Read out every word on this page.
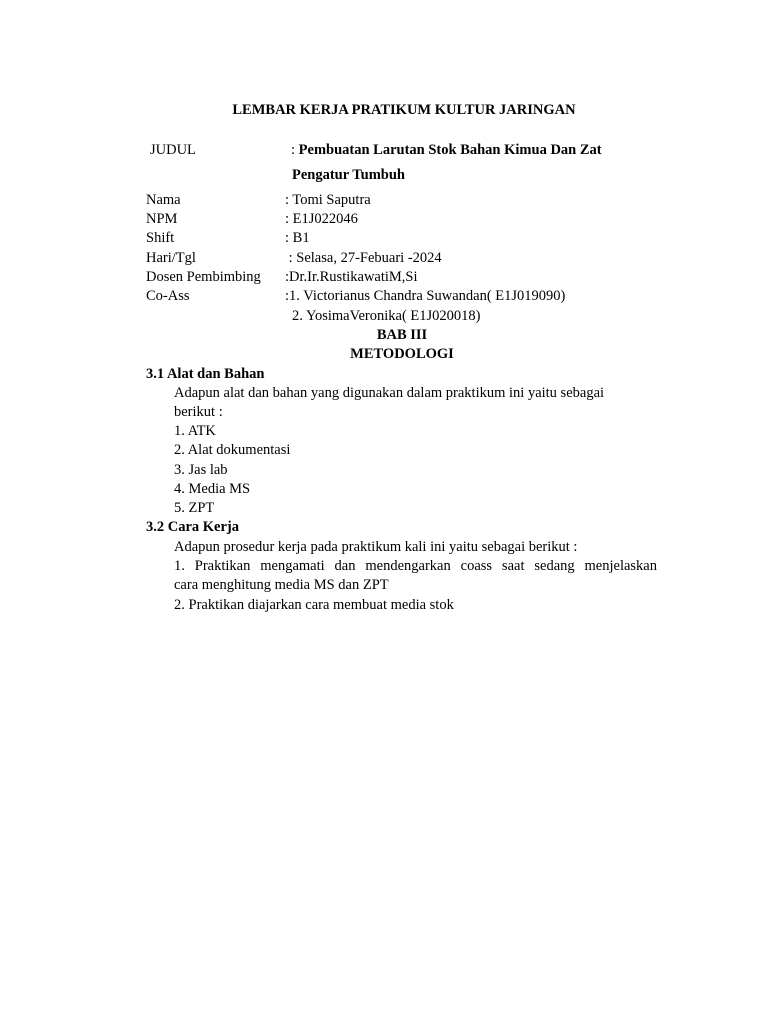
LEMBAR KERJA PRATIKUM KULTUR JARINGAN
JUDUL	: Pembuatan Larutan Stok Bahan Kimua Dan Zat
Pengatur Tumbuh
Nama	: Tomi Saputra
NPM	: E1J022046
Shift	: B1
Hari/Tgl	: Selasa, 27-Febuari -2024
Dosen Pembimbing :Dr.Ir.RustikawatiM,Si
Co-Ass	:1. Victorianus Chandra Suwandan( E1J019090)
2. YosimaVeronika( E1J020018)
BAB III
METODOLOGI
3.1 Alat dan Bahan
Adapun alat dan bahan yang digunakan dalam praktikum ini yaitu sebagai
berikut :
1. ATK
2. Alat dokumentasi
3. Jas lab
4. Media MS
5. ZPT
3.2 Cara Kerja
Adapun prosedur kerja pada praktikum kali ini yaitu sebagai berikut :
1. Praktikan mengamati dan mendengarkan coass saat sedang menjelaskan
cara menghitung media MS dan ZPT
2. Praktikan diajarkan cara membuat media stok
